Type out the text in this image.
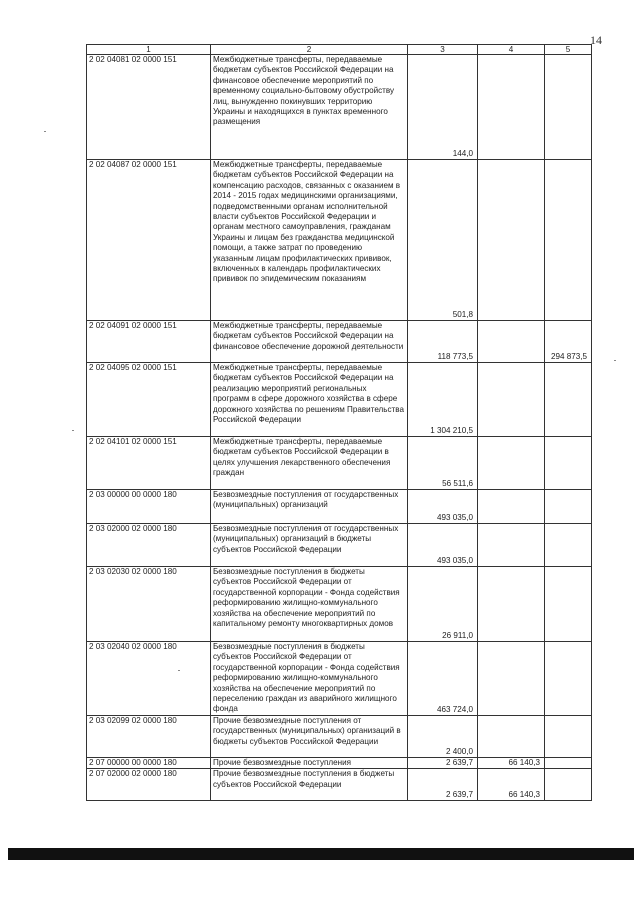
14
1	2	3	4	5
2 02 04081 02 0000 151	Межбюджетные трансферты, передаваемые бюджетам субъектов Российской Федерации на финансовое обеспечение мероприятий по временному социально-бытовому обустройству лиц, вынужденно покинувших территорию Украины и находящихся в пунктах временного размещения	144,0		
2 02 04087 02 0000 151	Межбюджетные трансферты, передаваемые бюджетам субъектов Российской Федерации на компенсацию расходов, связанных с оказанием в 2014 - 2015 годах медицинскими организациями, подведомственными органам исполнительной власти субъектов Российской Федерации и органам местного самоуправления, гражданам Украины и лицам без гражданства медицинской помощи, а также затрат по проведению указанным лицам профилактических прививок, включенных в календарь профилактических прививок по эпидемическим показаниям	501,8		
2 02 04091 02 0000 151	Межбюджетные трансферты, передаваемые бюджетам субъектов Российской Федерации на финансовое обеспечение дорожной деятельности	118 773,5		294 873,5
2 02 04095 02 0000 151	Межбюджетные трансферты, передаваемые бюджетам субъектов Российской Федерации на реализацию мероприятий региональных программ в сфере дорожного хозяйства в сфере дорожного хозяйства по решениям Правительства Российской Федерации	1 304 210,5		
2 02 04101 02 0000 151	Межбюджетные трансферты, передаваемые бюджетам субъектов Российской Федерации в целях улучшения лекарственного обеспечения граждан	56 511,6		
2 03 00000 00 0000 180	Безвозмездные поступления от государственных (муниципальных) организаций	493 035,0		
2 03 02000 02 0000 180	Безвозмездные поступления от государственных (муниципальных) организаций в бюджеты субъектов Российской Федерации	493 035,0		
2 03 02030 02 0000 180	Безвозмездные поступления в бюджеты субъектов Российской Федерации от государственной корпорации - Фонда содействия реформированию жилищно-коммунального хозяйства на обеспечение мероприятий по капитальному ремонту многоквартирных домов	26 911,0		
2 03 02040 02 0000 180	Безвозмездные поступления в бюджеты субъектов Российской Федерации от государственной корпорации - Фонда содействия реформированию жилищно-коммунального хозяйства на обеспечение мероприятий по переселению граждан из аварийного жилищного фонда	463 724,0		
2 03 02099 02 0000 180	Прочие безвозмездные поступления от государственных (муниципальных) организаций в бюджеты субъектов Российской Федерации	2 400,0		
2 07 00000 00 0000 180	Прочие безвозмездные поступления	2 639,7	66 140,3	
2 07 02000 02 0000 180	Прочие безвозмездные поступления в бюджеты субъектов Российской Федерации	2 639,7	66 140,3	
